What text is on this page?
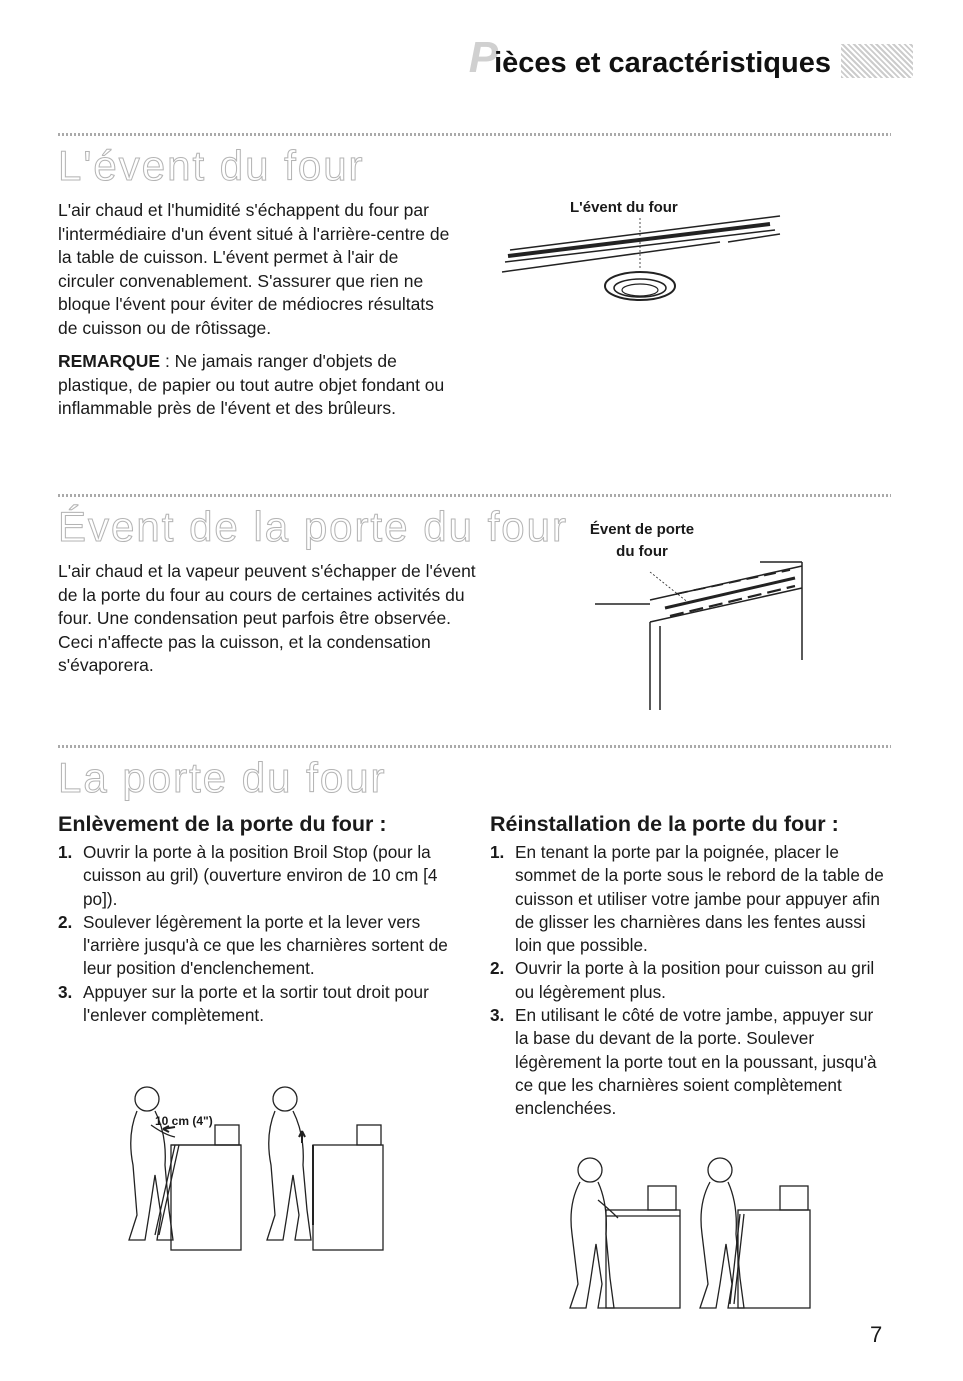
P
ièces et caractéristiques
L'évent du four

L'air chaud et l'humidité s'échappent du four par l'intermédiaire d'un évent situé à l'arrière-centre de la table de cuisson. L'évent permet à l'air de circuler convenablement. S'assurer que rien ne bloque l'évent pour éviter de médiocres résultats de cuisson ou de rôtissage.

REMARQUE : Ne jamais ranger d'objets de plastique, de papier ou tout autre objet fondant ou inflammable près de l'évent et des brûleurs.

L'évent du four
Évent de la porte du four
L'air chaud et la vapeur peuvent s'échapper de l'évent de la porte du four au cours de certaines activités du four. Une condensation peut parfois être observée. Ceci n'affecte pas la cuisson, et la condensation s'évaporera.
Évent de porte
du four
La porte du four
Enlèvement de la porte du four :
1. Ouvrir la porte à la position Broil Stop (pour la cuisson au gril) (ouverture environ de 10 cm [4 po]).
2. Soulever légèrement la porte et la lever vers l'arrière jusqu'à ce que les charnières sortent de leur position d'enclenchement.
3. Appuyer sur la porte et la sortir tout droit pour l'enlever complètement.
10 cm (4")
Réinstallation de la porte du four :
1. En tenant la porte par la poignée, placer le sommet de la porte sous le rebord de la table de cuisson et utiliser votre jambe pour appuyer afin de glisser les charnières dans les fentes aussi loin que possible.
2. Ouvrir la porte à la position pour cuisson au gril ou légèrement plus.
3. En utilisant le côté de votre jambe, appuyer sur la base du devant de la porte. Soulever légèrement la porte tout en la poussant, jusqu'à ce que les charnières soient complètement enclenchées.
7
